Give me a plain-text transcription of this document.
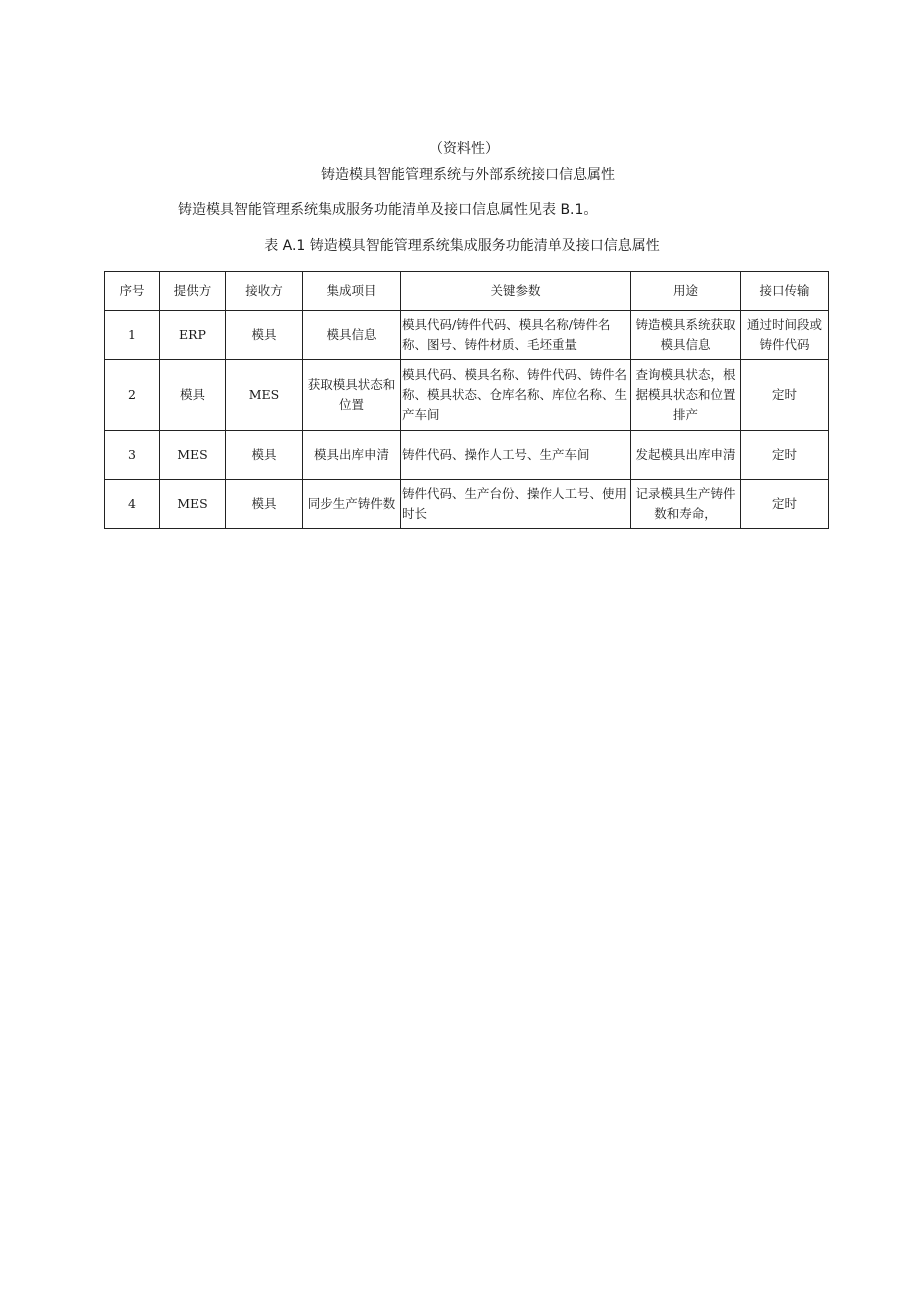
（资料性）
铸造模具智能管理系统与外部系统接口信息属性
铸造模具智能管理系统集成服务功能清单及接口信息属性见表 B.1。
表 A.1 铸造模具智能管理系统集成服务功能清单及接口信息属性
序号	提供方	接收方	集成项目	关键参数	用途	接口传输
1	ERP	模具	模具信息	模具代码/铸件代码、模具名称/铸件名称、图号、铸件材质、毛坯重量	铸造模具系统获取模具信息	通过时间段或铸件代码
2	模具	MES	获取模具状态和位置	模具代码、模具名称、铸件代码、铸件名称、模具状态、仓库名称、库位名称、生产车间	查询模具状态，根据模具状态和位置排产	定时
3	MES	模具	模具出库申清	铸件代码、操作人工号、生产车间	发起模具出库申清	定时
4	MES	模具	同步生产铸件数	铸件代码、生产台份、操作人工号、使用时长	记录模具生产铸件数和寿命，	定时
